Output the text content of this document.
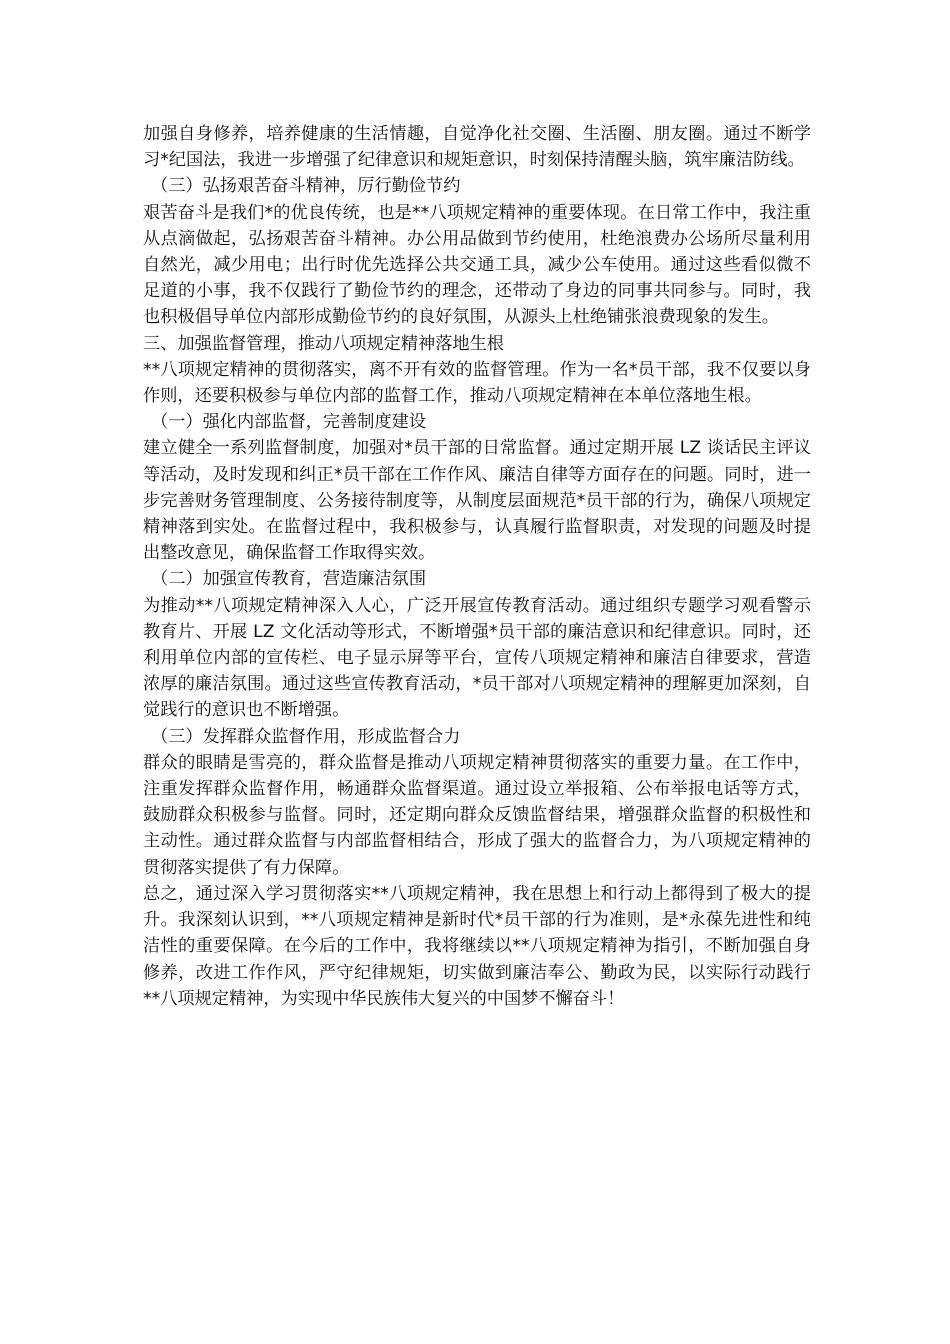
加强自身修养，培养健康的生活情趣，自觉净化社交圈、生活圈、朋友圈。通过不断学习*纪国法，我进一步增强了纪律意识和规矩意识，时刻保持清醒头脑，筑牢廉洁防线。

（三）弘扬艰苦奋斗精神，厉行勤俭节约

艰苦奋斗是我们*的优良传统，也是**八项规定精神的重要体现。在日常工作中，我注重从点滴做起，弘扬艰苦奋斗精神。办公用品做到节约使用，杜绝浪费办公场所尽量利用自然光，减少用电；出行时优先选择公共交通工具，减少公车使用。通过这些看似微不足道的小事，我不仅践行了勤俭节约的理念，还带动了身边的同事共同参与。同时，我也积极倡导单位内部形成勤俭节约的良好氛围，从源头上杜绝铺张浪费现象的发生。

三、加强监督管理，推动八项规定精神落地生根

**八项规定精神的贯彻落实，离不开有效的监督管理。作为一名*员干部，我不仅要以身作则，还要积极参与单位内部的监督工作，推动八项规定精神在本单位落地生根。

（一）强化内部监督，完善制度建设

建立健全一系列监督制度，加强对*员干部的日常监督。通过定期开展 LZ 谈话民主评议等活动，及时发现和纠正*员干部在工作作风、廉洁自律等方面存在的问题。同时，进一步完善财务管理制度、公务接待制度等，从制度层面规范*员干部的行为，确保八项规定精神落到实处。在监督过程中，我积极参与，认真履行监督职责，对发现的问题及时提出整改意见，确保监督工作取得实效。

（二）加强宣传教育，营造廉洁氛围

为推动**八项规定精神深入人心，广泛开展宣传教育活动。通过组织专题学习观看警示教育片、开展 LZ 文化活动等形式，不断增强*员干部的廉洁意识和纪律意识。同时，还利用单位内部的宣传栏、电子显示屏等平台，宣传八项规定精神和廉洁自律要求，营造浓厚的廉洁氛围。通过这些宣传教育活动，*员干部对八项规定精神的理解更加深刻，自觉践行的意识也不断增强。

（三）发挥群众监督作用，形成监督合力

群众的眼睛是雪亮的，群众监督是推动八项规定精神贯彻落实的重要力量。在工作中，注重发挥群众监督作用，畅通群众监督渠道。通过设立举报箱、公布举报电话等方式，鼓励群众积极参与监督。同时，还定期向群众反馈监督结果，增强群众监督的积极性和主动性。通过群众监督与内部监督相结合，形成了强大的监督合力，为八项规定精神的贯彻落实提供了有力保障。

总之，通过深入学习贯彻落实**八项规定精神，我在思想上和行动上都得到了极大的提升。我深刻认识到，**八项规定精神是新时代*员干部的行为准则，是*永葆先进性和纯洁性的重要保障。在今后的工作中，我将继续以**八项规定精神为指引，不断加强自身修养，改进工作作风，严守纪律规矩，切实做到廉洁奉公、勤政为民，以实际行动践行**八项规定精神，为实现中华民族伟大复兴的中国梦不懈奋斗！
